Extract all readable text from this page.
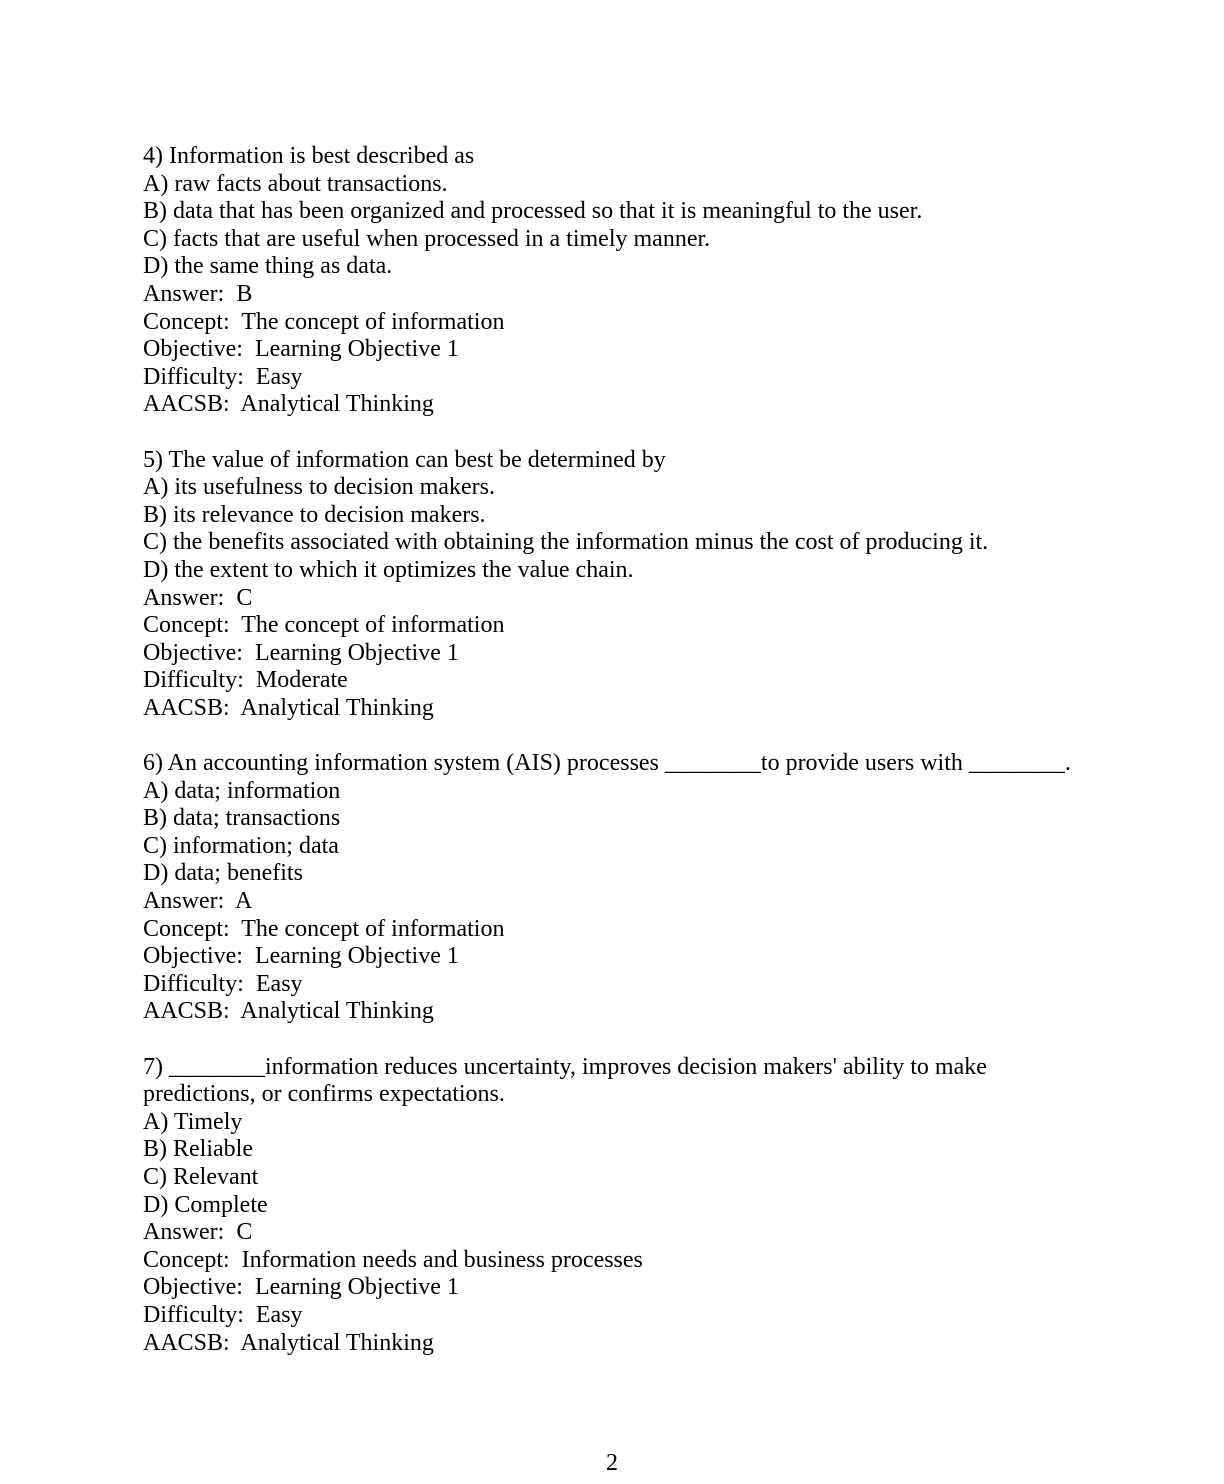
4) Information is best described as

A) raw facts about transactions.

B) data that has been organized and processed so that it is meaningful to the user.

C) facts that are useful when processed in a timely manner.

D) the same thing as data.

Answer:  B

Concept:  The concept of information

Objective:  Learning Objective 1

Difficulty:  Easy

AACSB:  Analytical Thinking

5) The value of information can best be determined by

A) its usefulness to decision makers.

B) its relevance to decision makers.

C) the benefits associated with obtaining the information minus the cost of producing it.

D) the extent to which it optimizes the value chain.

Answer:  C

Concept:  The concept of information

Objective:  Learning Objective 1

Difficulty:  Moderate

AACSB:  Analytical Thinking

6) An accounting information system (AIS) processes ________to provide users with ________.

A) data; information

B) data; transactions

C) information; data

D) data; benefits

Answer:  A

Concept:  The concept of information

Objective:  Learning Objective 1

Difficulty:  Easy

AACSB:  Analytical Thinking

7) ________information reduces uncertainty, improves decision makers' ability to make predictions, or confirms expectations.

A) Timely

B) Reliable

C) Relevant

D) Complete

Answer:  C

Concept:  Information needs and business processes

Objective:  Learning Objective 1

Difficulty:  Easy

AACSB:  Analytical Thinking

2
